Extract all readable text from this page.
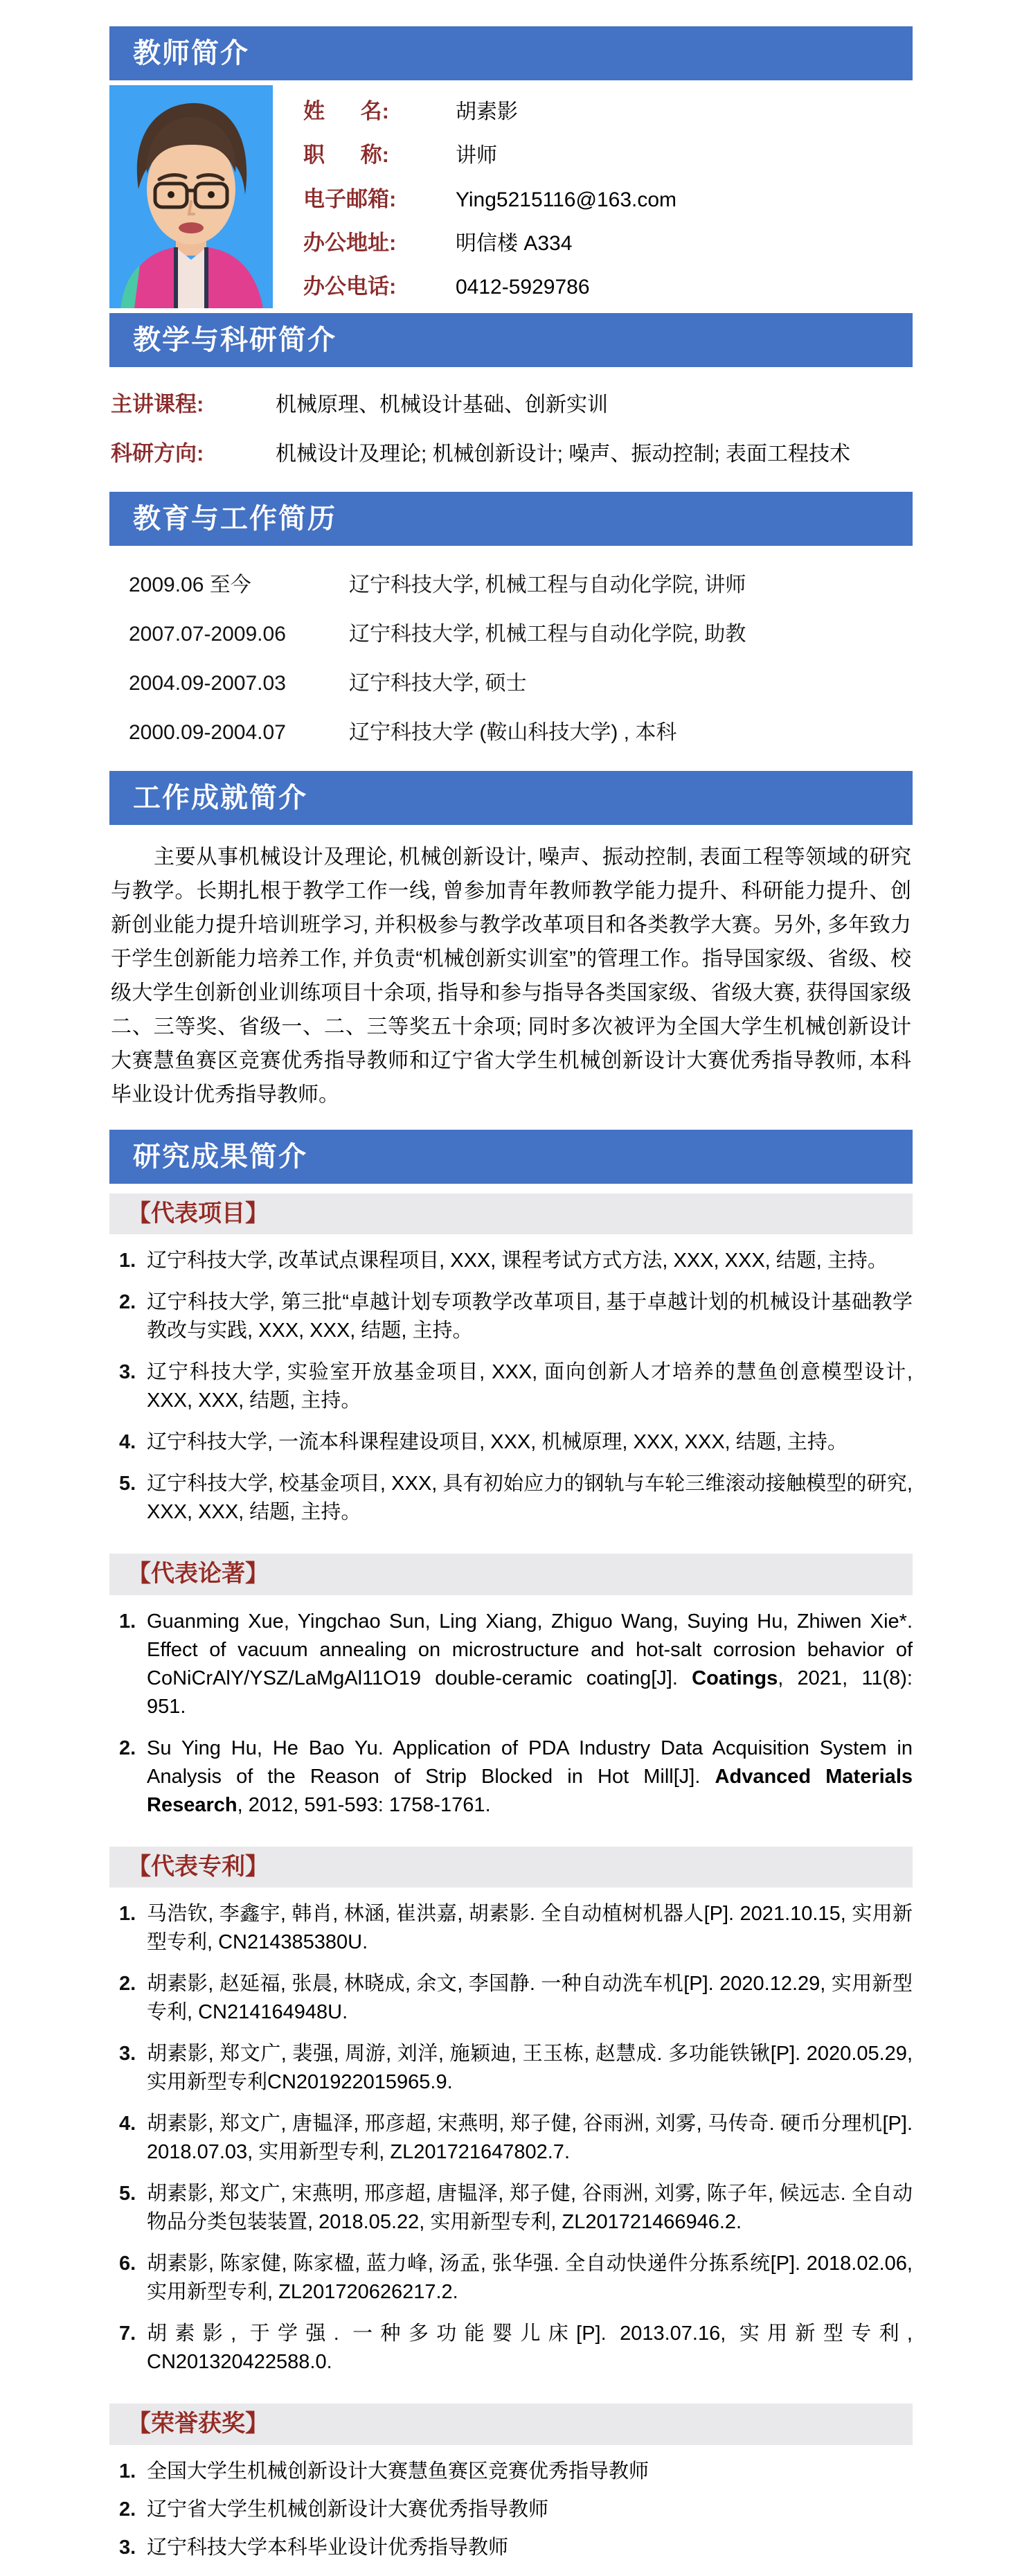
教师简介
姓      名:	胡素影
职      称:	讲师
电子邮箱:	Ying5215116@163.com
办公地址:	明信楼 A334
办公电话:	0412-5929786
教学与科研简介
主讲课程:	机械原理、机械设计基础、创新实训
科研方向:	机械设计及理论; 机械创新设计; 噪声、振动控制; 表面工程技术
教育与工作简历
2009.06 至今	辽宁科技大学, 机械工程与自动化学院, 讲师
2007.07-2009.06	辽宁科技大学, 机械工程与自动化学院, 助教
2004.09-2007.03	辽宁科技大学, 硕士
2000.09-2004.07	辽宁科技大学 (鞍山科技大学) , 本科
工作成就简介

主要从事机械设计及理论, 机械创新设计, 噪声、振动控制, 表面工程等领域的研究与教学。长期扎根于教学工作一线, 曾参加青年教师教学能力提升、科研能力提升、创新创业能力提升培训班学习, 并积极参与教学改革项目和各类教学大赛。另外, 多年致力于学生创新能力培养工作, 并负责“机械创新实训室”的管理工作。指导国家级、省级、校级大学生创新创业训练项目十余项, 指导和参与指导各类国家级、省级大赛, 获得国家级二、三等奖、省级一、二、三等奖五十余项; 同时多次被评为全国大学生机械创新设计大赛慧鱼赛区竞赛优秀指导教师和辽宁省大学生机械创新设计大赛优秀指导教师, 本科毕业设计优秀指导教师。

研究成果简介
【代表项目】
1. 辽宁科技大学, 改革试点课程项目, XXX, 课程考试方式方法, XXX, XXX, 结题, 主持。
2. 辽宁科技大学, 第三批“卓越计划专项教学改革项目, 基于卓越计划的机械设计基础教学教改与实践, XXX, XXX, 结题, 主持。
3. 辽宁科技大学, 实验室开放基金项目, XXX, 面向创新人才培养的慧鱼创意模型设计, XXX, XXX, 结题, 主持。
4. 辽宁科技大学, 一流本科课程建设项目, XXX, 机械原理, XXX, XXX, 结题, 主持。
5. 辽宁科技大学, 校基金项目, XXX, 具有初始应力的钢轨与车轮三维滚动接触模型的研究, XXX, XXX, 结题, 主持。
【代表论著】
1. Guanming Xue, Yingchao Sun, Ling Xiang, Zhiguo Wang, Suying Hu, Zhiwen Xie*. Effect of vacuum annealing on microstructure and hot-salt corrosion behavior of CoNiCrAlY/YSZ/LaMgAl11O19 double-ceramic coating[J]. Coatings, 2021, 11(8): 951.
2. Su Ying Hu, He Bao Yu. Application of PDA Industry Data Acquisition System in Analysis of the Reason of Strip Blocked in Hot Mill[J]. Advanced Materials Research, 2012, 591-593: 1758-1761.
【代表专利】
1. 马浩钦, 李鑫宇, 韩肖, 林涵, 崔洪嘉, 胡素影. 全自动植树机器人[P]. 2021.10.15, 实用新型专利, CN214385380U.
2. 胡素影, 赵延福, 张晨, 林晓成, 余文, 李国静. 一种自动洗车机[P]. 2020.12.29, 实用新型专利, CN214164948U.
3. 胡素影, 郑文广, 裴强, 周游, 刘洋, 施颖迪, 王玉栋, 赵慧成. 多功能铁锹[P]. 2020.05.29, 实用新型专利CN201922015965.9.
4. 胡素影, 郑文广, 唐韫泽, 邢彦超, 宋燕明, 郑子健, 谷雨洲, 刘雾, 马传奇. 硬币分理机[P]. 2018.07.03, 实用新型专利, ZL201721647802.7.
5. 胡素影, 郑文广, 宋燕明, 邢彦超, 唐韫泽, 郑子健, 谷雨洲, 刘雾, 陈子年, 候远志. 全自动物品分类包装装置, 2018.05.22, 实用新型专利, ZL201721466946.2.
6. 胡素影, 陈家健, 陈家楹, 蓝力峰, 汤孟, 张华强. 全自动快递件分拣系统[P]. 2018.02.06, 实用新型专利, ZL201720626217.2.
7. 胡素影, 于学强. 一种多功能婴儿床[P]. 2013.07.16, 实用新型专利, CN201320422588.0.
【荣誉获奖】
1. 全国大学生机械创新设计大赛慧鱼赛区竞赛优秀指导教师
2. 辽宁省大学生机械创新设计大赛优秀指导教师
3. 辽宁科技大学本科毕业设计优秀指导教师
